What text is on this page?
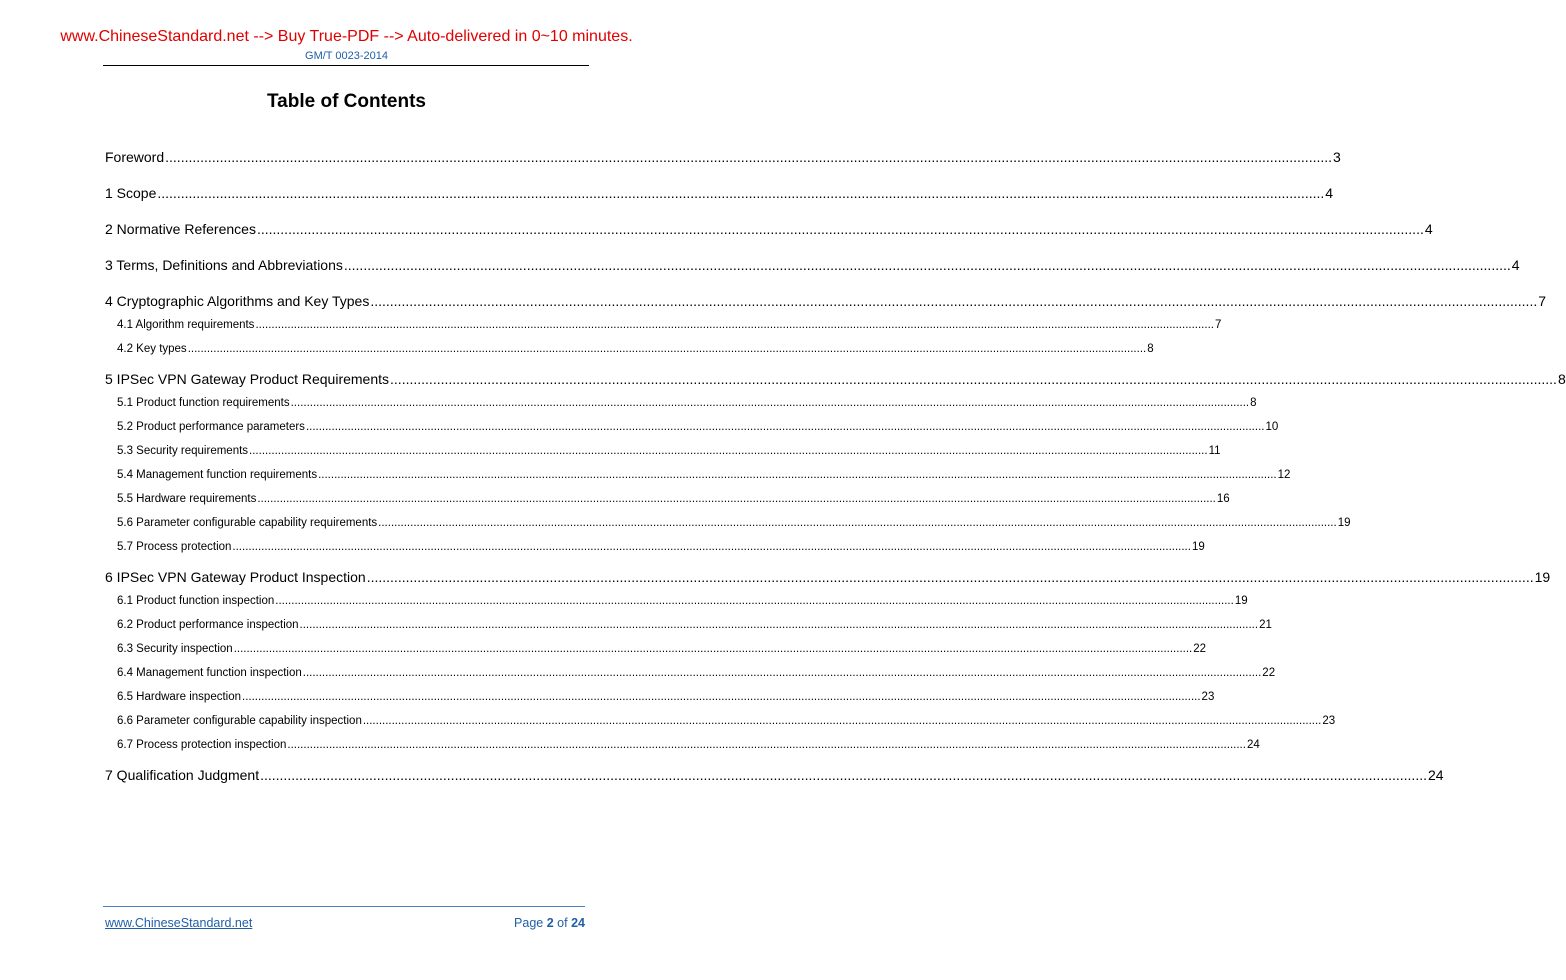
www.ChineseStandard.net --> Buy True-PDF --> Auto-delivered in 0~10 minutes.
GM/T 0023-2014
Table of Contents
Foreword ............................................................................................................................................................................................................................................................................................................ 3
1 Scope ............................................................................................................................................................................................................................................................................................................ 4
2 Normative References ............................................................................................................................................................................................................................................................................................................ 4
3 Terms, Definitions and Abbreviations ............................................................................................................................................................................................................................................................................................................ 4
4 Cryptographic Algorithms and Key Types ............................................................................................................................................................................................................................................................................................................ 7
4.1 Algorithm requirements ............................................................................................................................................................................................................................................................................................................ 7
4.2 Key types ............................................................................................................................................................................................................................................................................................................ 8
5 IPSec VPN Gateway Product Requirements ............................................................................................................................................................................................................................................................................................................ 8
5.1 Product function requirements ............................................................................................................................................................................................................................................................................................................ 8
5.2 Product performance parameters ............................................................................................................................................................................................................................................................................................................ 10
5.3 Security requirements ............................................................................................................................................................................................................................................................................................................ 11
5.4 Management function requirements ............................................................................................................................................................................................................................................................................................................ 12
5.5 Hardware requirements ............................................................................................................................................................................................................................................................................................................ 16
5.6 Parameter configurable capability requirements ............................................................................................................................................................................................................................................................................................................ 19
5.7 Process protection ............................................................................................................................................................................................................................................................................................................ 19
6 IPSec VPN Gateway Product Inspection ............................................................................................................................................................................................................................................................................................................ 19
6.1 Product function inspection ............................................................................................................................................................................................................................................................................................................ 19
6.2 Product performance inspection ............................................................................................................................................................................................................................................................................................................ 21
6.3 Security inspection ............................................................................................................................................................................................................................................................................................................ 22
6.4 Management function inspection ............................................................................................................................................................................................................................................................................................................ 22
6.5 Hardware inspection ............................................................................................................................................................................................................................................................................................................ 23
6.6 Parameter configurable capability inspection ............................................................................................................................................................................................................................................................................................................ 23
6.7 Process protection inspection ............................................................................................................................................................................................................................................................................................................ 24
7 Qualification Judgment ............................................................................................................................................................................................................................................................................................................ 24
www.ChineseStandard.net	Page 2 of 24
